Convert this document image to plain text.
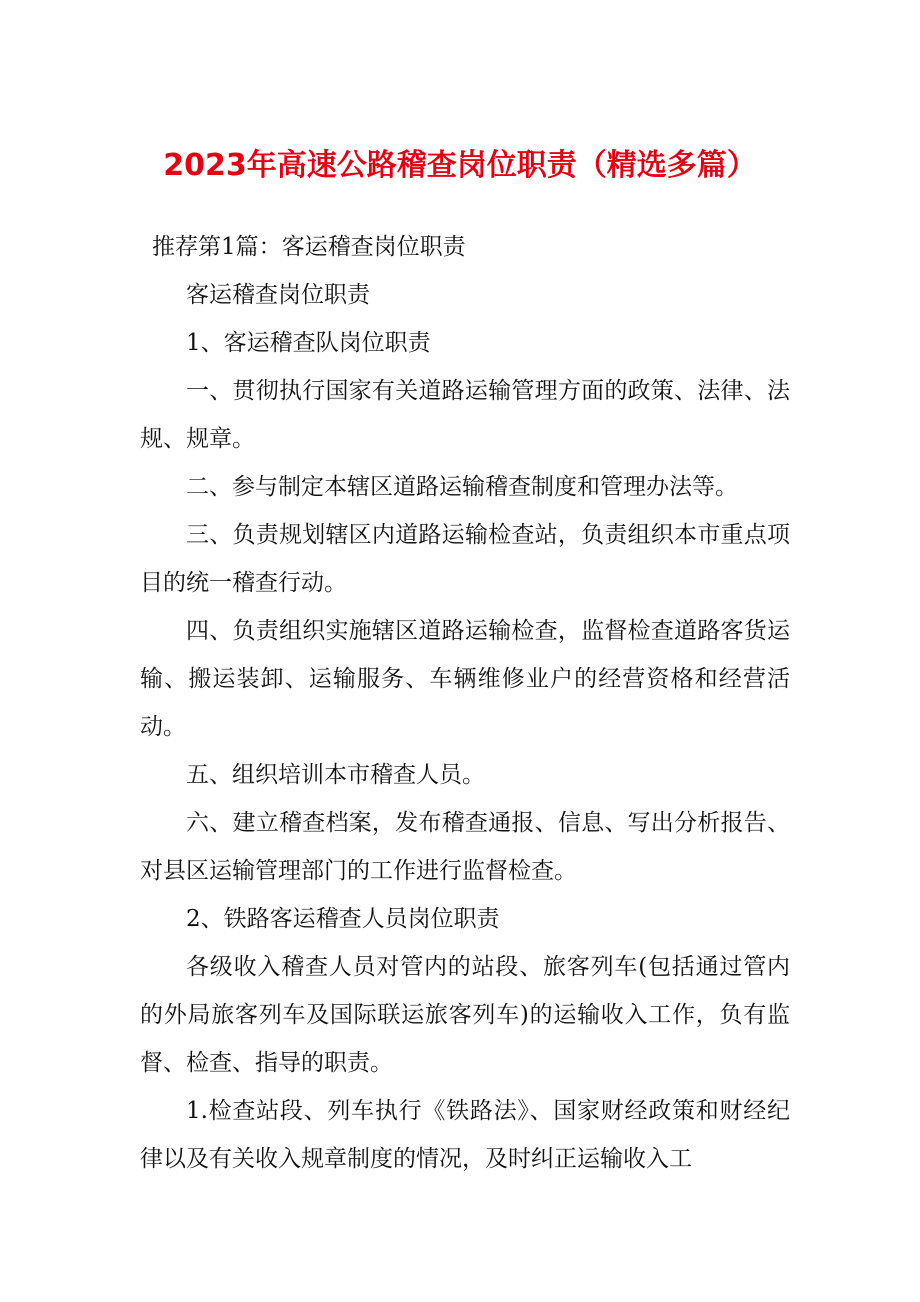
2023年高速公路稽查岗位职责（精选多篇）

推荐第1篇：客运稽查岗位职责

客运稽查岗位职责

1、客运稽查队岗位职责

一、贯彻执行国家有关道路运输管理方面的政策、法律、法规、规章。

二、参与制定本辖区道路运输稽查制度和管理办法等。

三、负责规划辖区内道路运输检查站，负责组织本市重点项目的统一稽查行动。

四、负责组织实施辖区道路运输检查，监督检查道路客货运输、搬运装卸、运输服务、车辆维修业户的经营资格和经营活动。

五、组织培训本市稽查人员。

六、建立稽查档案，发布稽查通报、信息、写出分析报告、对县区运输管理部门的工作进行监督检查。

2、铁路客运稽查人员岗位职责

各级收入稽查人员对管内的站段、旅客列车(包括通过管内的外局旅客列车及国际联运旅客列车)的运输收入工作，负有监督、检查、指导的职责。

1.检查站段、列车执行《铁路法》、国家财经政策和财经纪律以及有关收入规章制度的情况，及时纠正运输收入工
